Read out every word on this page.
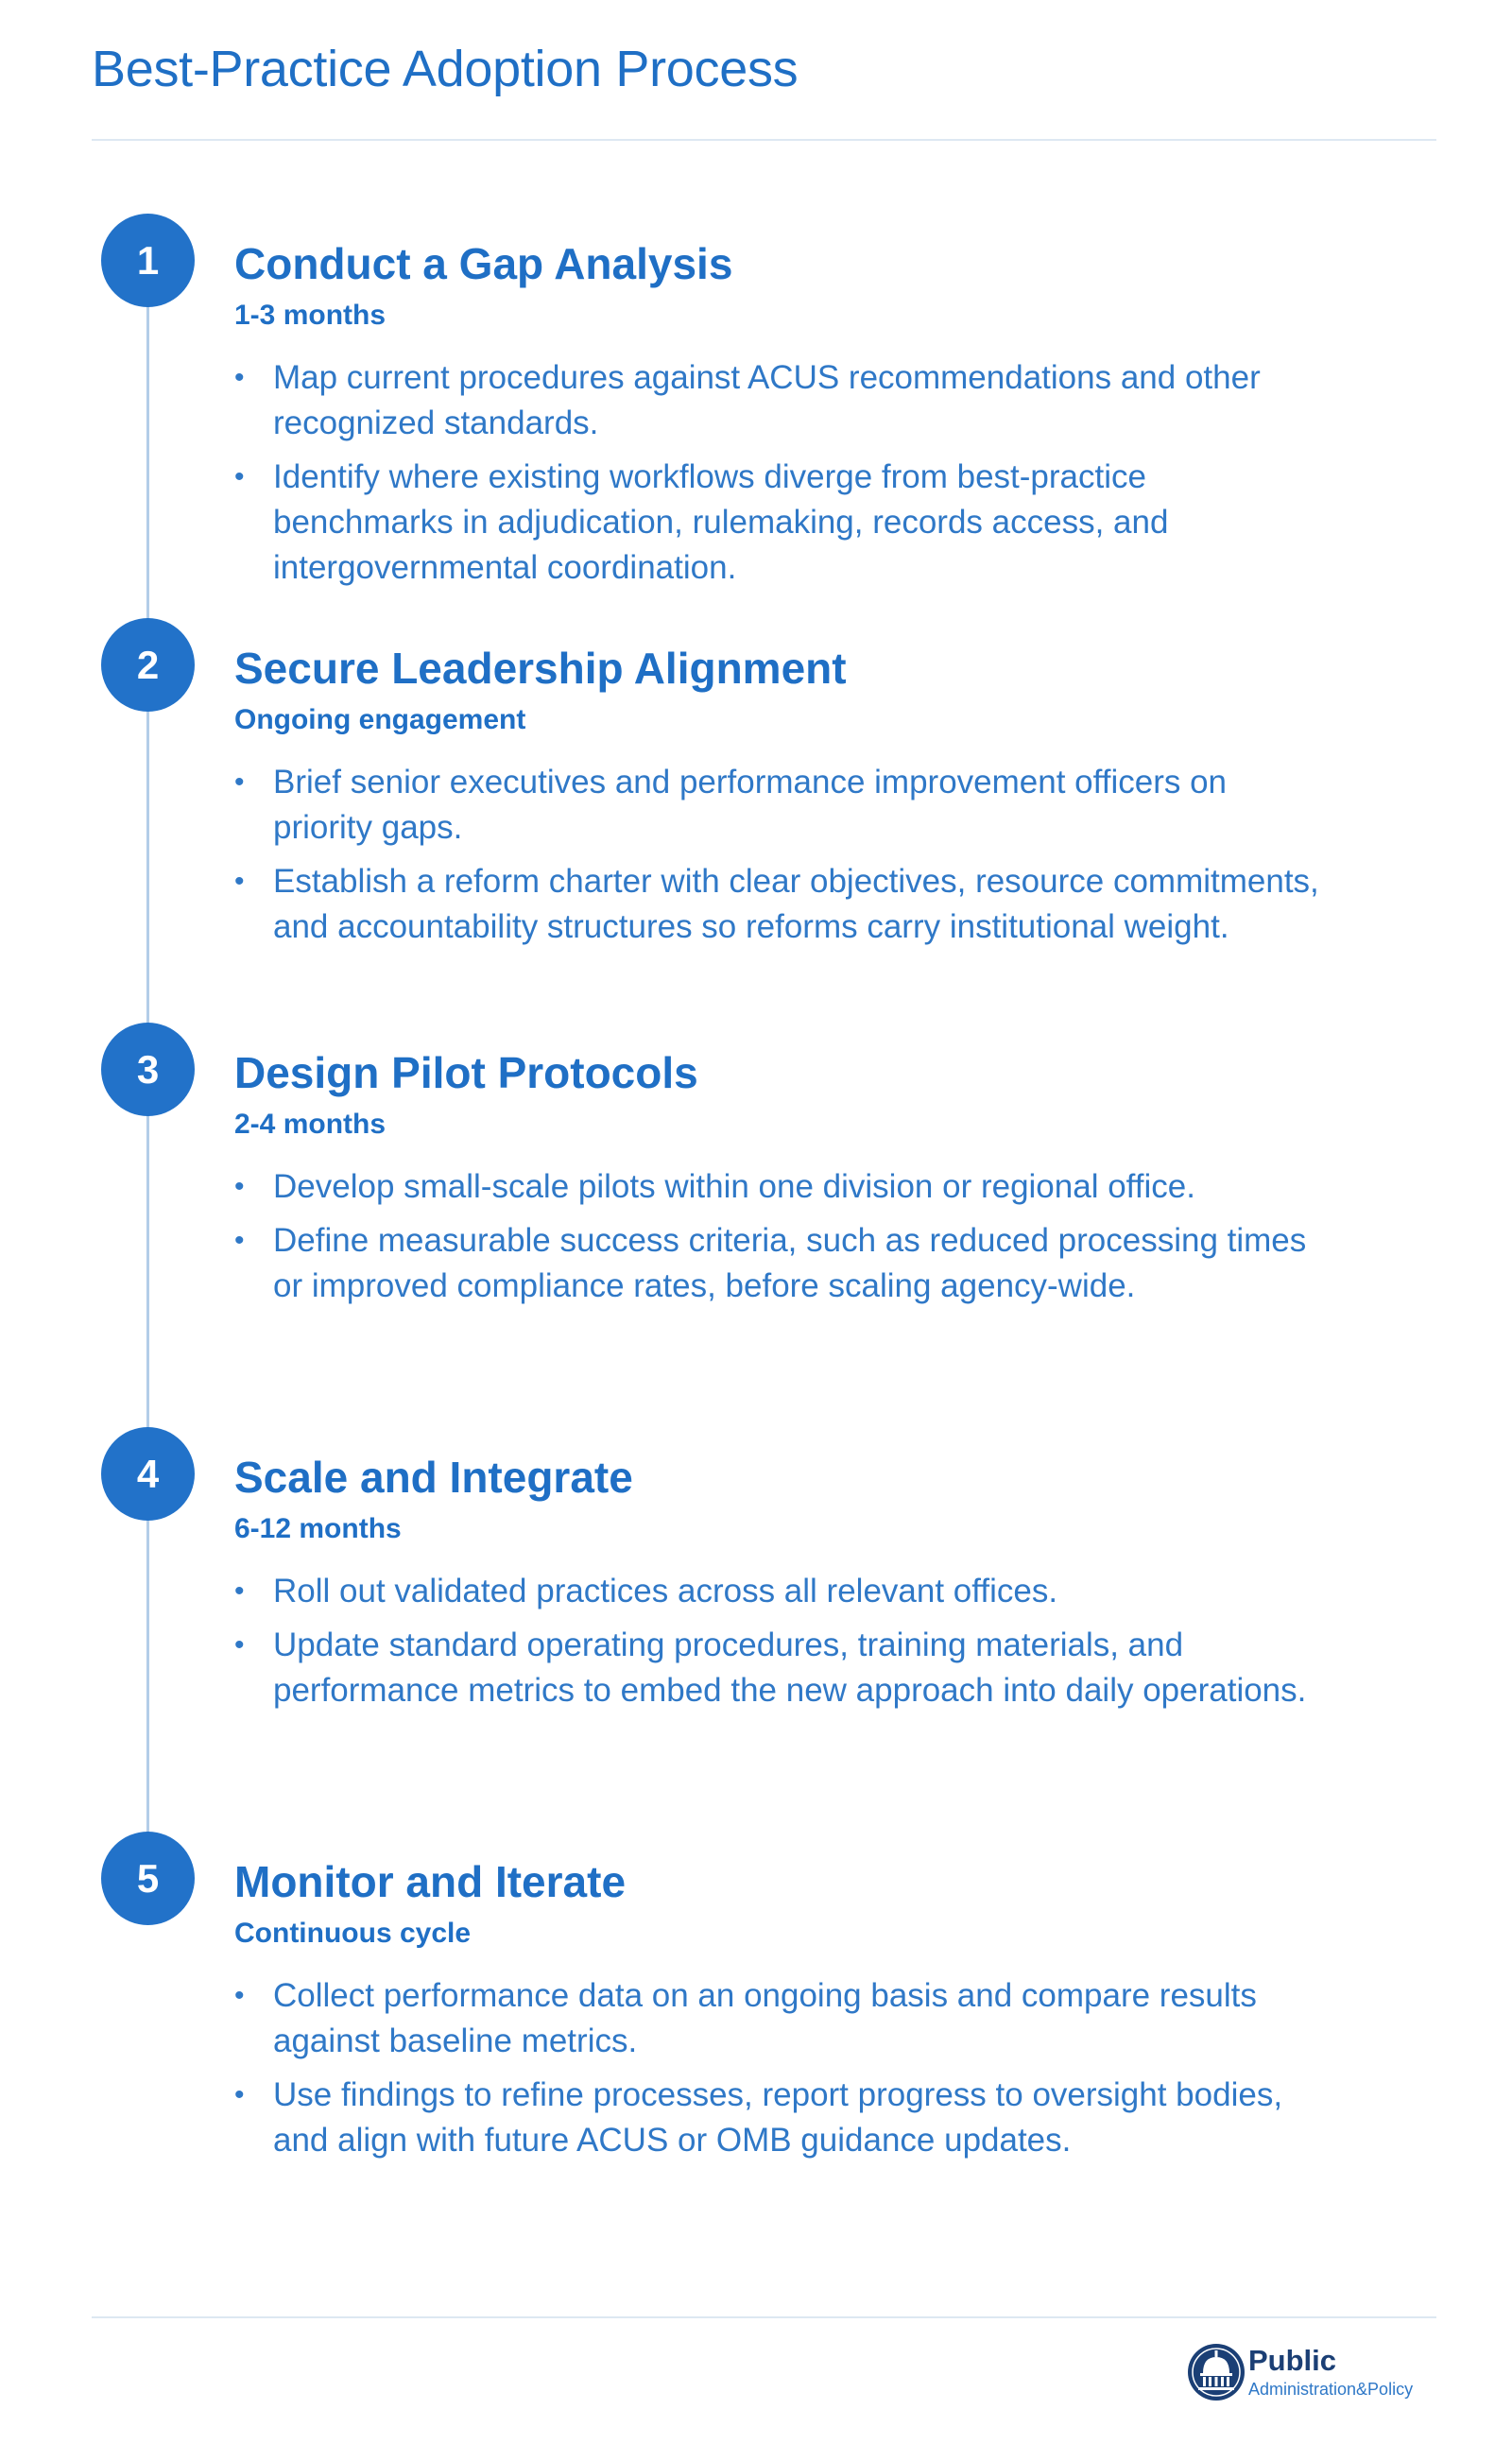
Best-Practice Adoption Process
1	Conduct a Gap Analysis
1-3 months
• Map current procedures against ACUS recommendations and other recognized standards.
• Identify where existing workflows diverge from best-practice benchmarks in adjudication, rulemaking, records access, and intergovernmental coordination.
2	Secure Leadership Alignment
Ongoing engagement
• Brief senior executives and performance improvement officers on priority gaps.
• Establish a reform charter with clear objectives, resource commitments, and accountability structures so reforms carry institutional weight.
3	Design Pilot Protocols
2-4 months
• Develop small-scale pilots within one division or regional office.
• Define measurable success criteria, such as reduced processing times or improved compliance rates, before scaling agency-wide.
4	Scale and Integrate
6-12 months
• Roll out validated practices across all relevant offices.
• Update standard operating procedures, training materials, and performance metrics to embed the new approach into daily operations.
5	Monitor and Iterate
Continuous cycle
• Collect performance data on an ongoing basis and compare results against baseline metrics.
• Use findings to refine processes, report progress to oversight bodies, and align with future ACUS or OMB guidance updates.
Public
Administration&Policy
